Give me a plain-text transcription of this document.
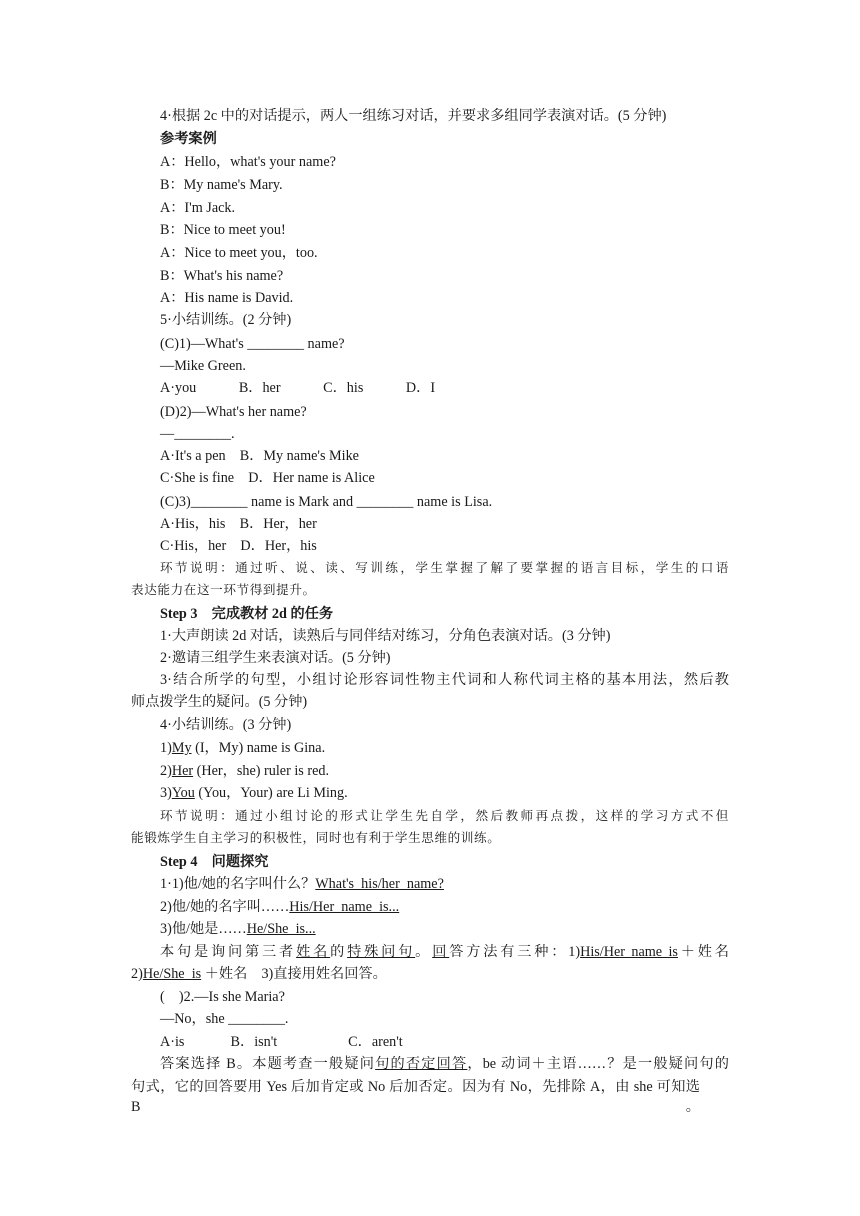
4·根据 2c 中的对话提示，两人一组练习对话，并要求多组同学表演对话。(5 分钟)
参考案例
A：Hello，what's your name?
B：My name's Mary.
A：I'm Jack.
B：Nice to meet you!
A：Nice to meet you，too.
B：What's his name?
A：His name is David.
5·小结训练。(2 分钟)
(C)1)—What's ________ name?
—Mike Green.
A·you            B．her            C．his            D．I
(D)2)—What's her name?
—________.
A·It's a pen    B．My name's Mike
C·She is fine    D．Her name is Alice
(C)3)________ name is Mark and ________ name is Lisa.
A·His，his    B．Her，her
C·His，her    D．Her，his
环节说明：通过听、说、读、写训练，学生掌握了解了要掌握的语言目标，学生的口语
表达能力在这一环节得到提升。
Step 3    完成教材 2d 的任务
1·大声朗读 2d 对话，读熟后与同伴结对练习，分角色表演对话。(3 分钟)
2·邀请三组学生来表演对话。(5 分钟)
3·结合所学的句型，小组讨论形容词性物主代词和人称代词主格的基本用法，然后教
师点拨学生的疑问。(5 分钟)
4·小结训练。(3 分钟)
1)My (I，My) name is Gina.
2)Her (Her，she) ruler is red.
3)You (You，Your) are Li Ming.
环节说明：通过小组讨论的形式让学生先自学，然后教师再点拨，这样的学习方式不但
能锻炼学生自主学习的积极性，同时也有利于学生思维的训练。
Step 4    问题探究
1·1)他/她的名字叫什么？What's  his/her  name?
2)他/她的名字叫……His/Her  name  is...
3)他/她是……He/She  is...
本句是询问第三者姓名的特殊问句。回答方法有三种：1)His/Her name is＋姓名
2)He/She  is ＋姓名    3)直接用姓名回答。
(    )2.—Is she Maria?
—No，she ________.
A·is             B．isn't                    C．aren't
答案选择 B。本题考查一般疑问句的否定回答，be 动词＋主语……？是一般疑问句的
句式，它的回答要用 Yes 后加肯定或 No 后加否定。因为有 No，先排除 A，由 she 可知选 B。
